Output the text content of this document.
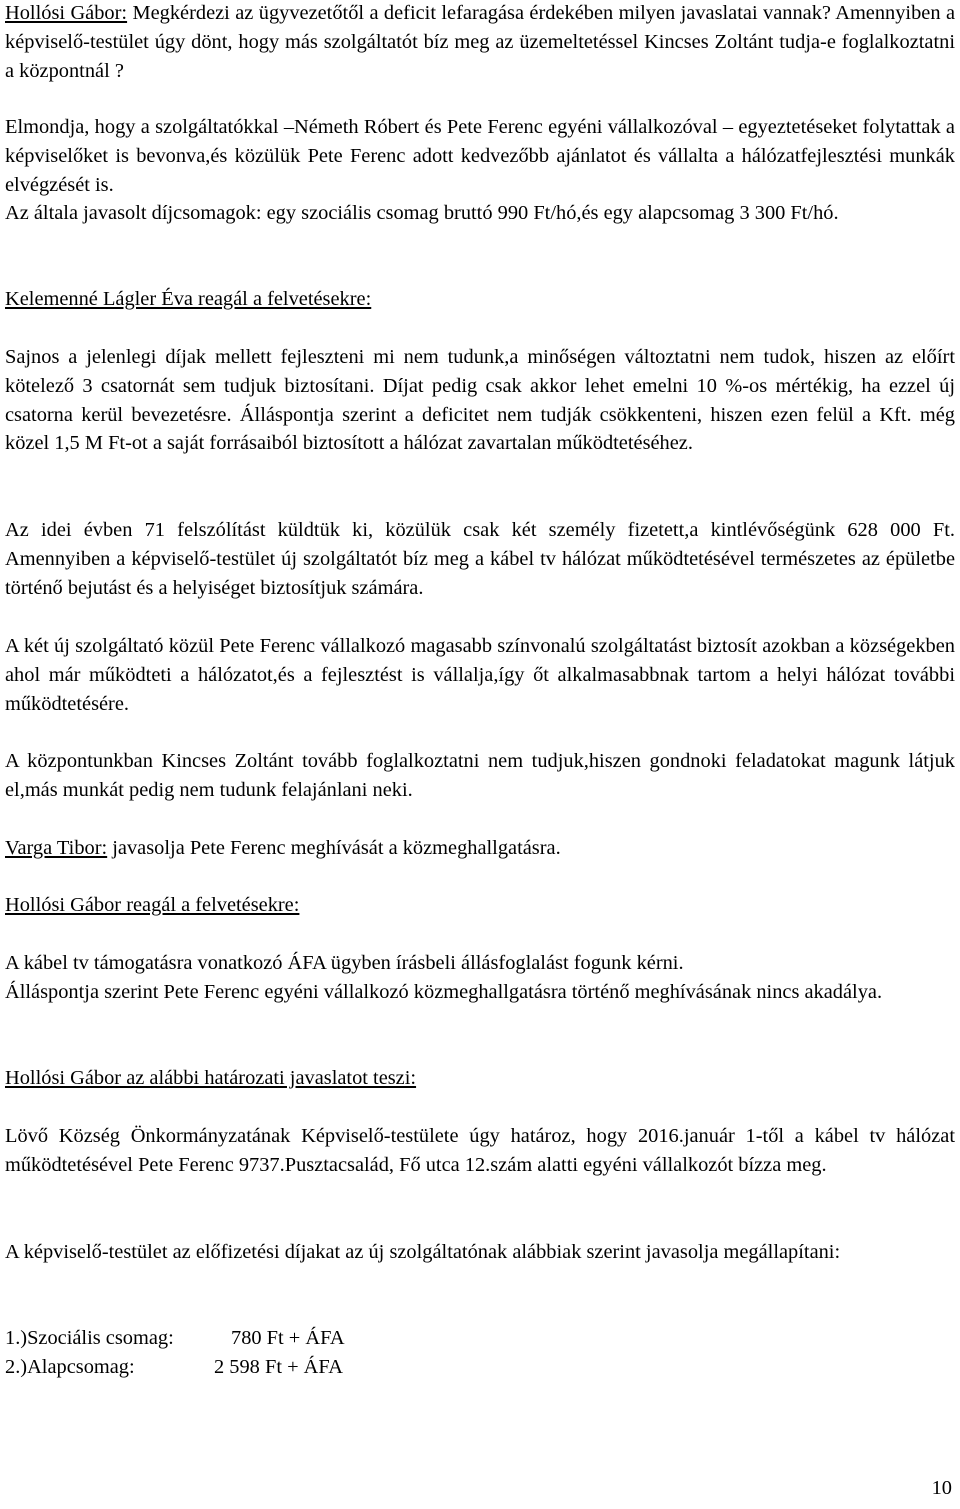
Hollósi Gábor: Megkérdezi az ügyvezetőtől a deficit lefaragása érdekében milyen javaslatai vannak? Amennyiben a képviselő-testület úgy dönt, hogy más szolgáltatót bíz meg az üzemeltetéssel Kincses Zoltánt tudja-e foglalkoztatni a központnál ?

Elmondja, hogy a szolgáltatókkal –Németh Róbert és Pete Ferenc egyéni vállalkozóval – egyeztetéseket folytattak a képviselőket is bevonva,és közülük Pete Ferenc adott kedvezőbb ajánlatot és vállalta a hálózatfejlesztési munkák elvégzését is.

Az általa javasolt díjcsomagok: egy szociális csomag bruttó 990 Ft/hó,és egy alapcsomag 3 300 Ft/hó.

Kelemenné Lágler Éva reagál a felvetésekre:

Sajnos a jelenlegi díjak mellett fejleszteni mi nem tudunk,a minőségen változtatni nem tudok, hiszen az előírt kötelező 3 csatornát sem tudjuk biztosítani. Díjat pedig csak akkor lehet emelni 10 %-os mértékig, ha ezzel új csatorna kerül bevezetésre. Álláspontja szerint a deficitet nem tudják csökkenteni, hiszen ezen felül a Kft. még közel 1,5 M Ft-ot a saját forrásaiból biztosított a hálózat zavartalan működtetéséhez.

Az idei évben 71 felszólítást küldtük ki, közülük csak két személy fizetett,a kintlévőségünk 628 000 Ft. Amennyiben a képviselő-testület új szolgáltatót bíz meg a kábel tv hálózat működtetésével természetes az épületbe történő bejutást és a helyiséget biztosítjuk számára.

A két új szolgáltató közül Pete Ferenc vállalkozó magasabb színvonalú szolgáltatást biztosít azokban a községekben ahol már működteti a hálózatot,és a fejlesztést is vállalja,így őt alkalmasabbnak tartom a helyi hálózat további működtetésére.

A központunkban Kincses Zoltánt tovább foglalkoztatni nem tudjuk,hiszen gondnoki feladatokat magunk látjuk el,más munkát pedig nem tudunk felajánlani neki.

Varga Tibor: javasolja Pete Ferenc meghívását a közmeghallgatásra.

Hollósi Gábor reagál a felvetésekre:

A kábel tv támogatásra vonatkozó ÁFA ügyben írásbeli állásfoglalást fogunk kérni.

Álláspontja szerint Pete Ferenc egyéni vállalkozó közmeghallgatásra történő meghívásának nincs akadálya.

Hollósi Gábor az alábbi határozati javaslatot teszi:

Lövő Község Önkormányzatának Képviselő-testülete úgy határoz, hogy 2016.január 1-től a kábel tv hálózat működtetésével Pete Ferenc 9737.Pusztacsalád, Fő utca 12.szám alatti egyéni vállalkozót bízza meg.

A képviselő-testület az előfizetési díjakat az új szolgáltatónak alábbiak szerint javasolja megállapítani:

1.)Szociális csomag:	780 Ft + ÁFA
2.)Alapcsomag:	2 598 Ft + ÁFA
10
